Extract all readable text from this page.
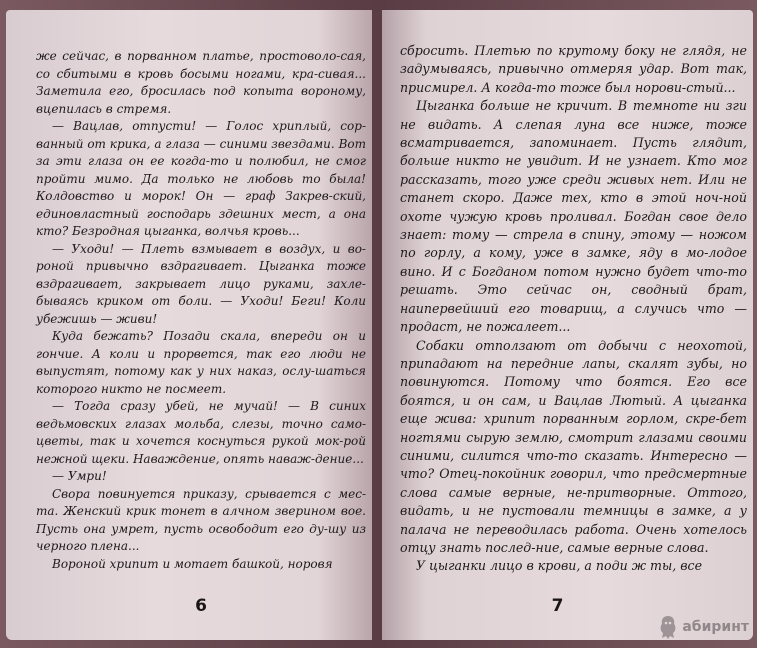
же сейчас, в порванном платье, простоволо-сая, со сбитыми в кровь босыми ногами, кра-сивая... Заметила его, бросилась под копыта вороному, вцепилась в стремя.

— Вацлав, отпусти! — Голос хриплый, сор-ванный от крика, а глаза — синими звездами. Вот за эти глаза он ее когда-то и полюбил, не смог пройти мимо. Да только не любовь то была! Колдовство и морок! Он — граф Закрев-ский, единовластный господарь здешних мест, а она кто? Безродная цыганка, волчья кровь...

— Уходи! — Плеть взмывает в воздух, и во-роной привычно вздрагивает. Цыганка тоже вздрагивает, закрывает лицо руками, захле-бываясь криком от боли. — Уходи! Беги! Коли убежишь — живи!

Куда бежать? Позади скала, впереди он и гончие. А коли и прорвется, так его люди не выпустят, потому как у них наказ, ослу-шаться которого никто не посмеет.

— Тогда сразу убей, не мучай! — В синих ведьмовских глазах мольба, слезы, точно само-цветы, так и хочется коснуться рукой мок-рой нежной щеки. Наваждение, опять наваж-дение...

— Умри!

Свора повинуется приказу, срывается с мес-та. Женский крик тонет в алчном зверином вое. Пусть она умрет, пусть освободит его ду-шу из черного плена...

Вороной хрипит и мотает башкой, норовя

6

сбросить. Плетью по крутому боку не глядя, не задумываясь, привычно отмеряя удар. Вот так, присмирел. А когда-то тоже был норови-стый...

Цыганка больше не кричит. В темноте ни зги не видать. А слепая луна все ниже, тоже всматривается, запоминает. Пусть глядит, больше никто не увидит. И не узнает. Кто мог рассказать, того уже среди живых нет. Или не станет скоро. Даже тех, кто в этой ноч-ной охоте чужую кровь проливал. Богдан свое дело знает: тому — стрела в спину, этому — ножом по горлу, а кому, уже в замке, яду в мо-лодое вино. И с Богданом потом нужно будет что-то решать. Это сейчас он, сводный брат, наипервейший его товарищ, а случись что — продаст, не пожалеет...

Собаки отползают от добычи с неохотой, припадают на передние лапы, скалят зубы, но повинуются. Потому что боятся. Его все боятся, и он сам, и Вацлав Лютый. А цыганка еще жива: хрипит порванным горлом, скре-бет ногтями сырую землю, смотрит глазами своими синими, силится что-то сказать. Интересно — что? Отец-покойник говорил, что предсмертные слова самые верные, не-притворные. Оттого, видать, и не пустовали темницы в замке, а у палача не переводилась работа. Очень хотелось отцу знать послед-ние, самые верные слова.

У цыганки лицо в крови, а поди ж ты, все

7
абиринт
